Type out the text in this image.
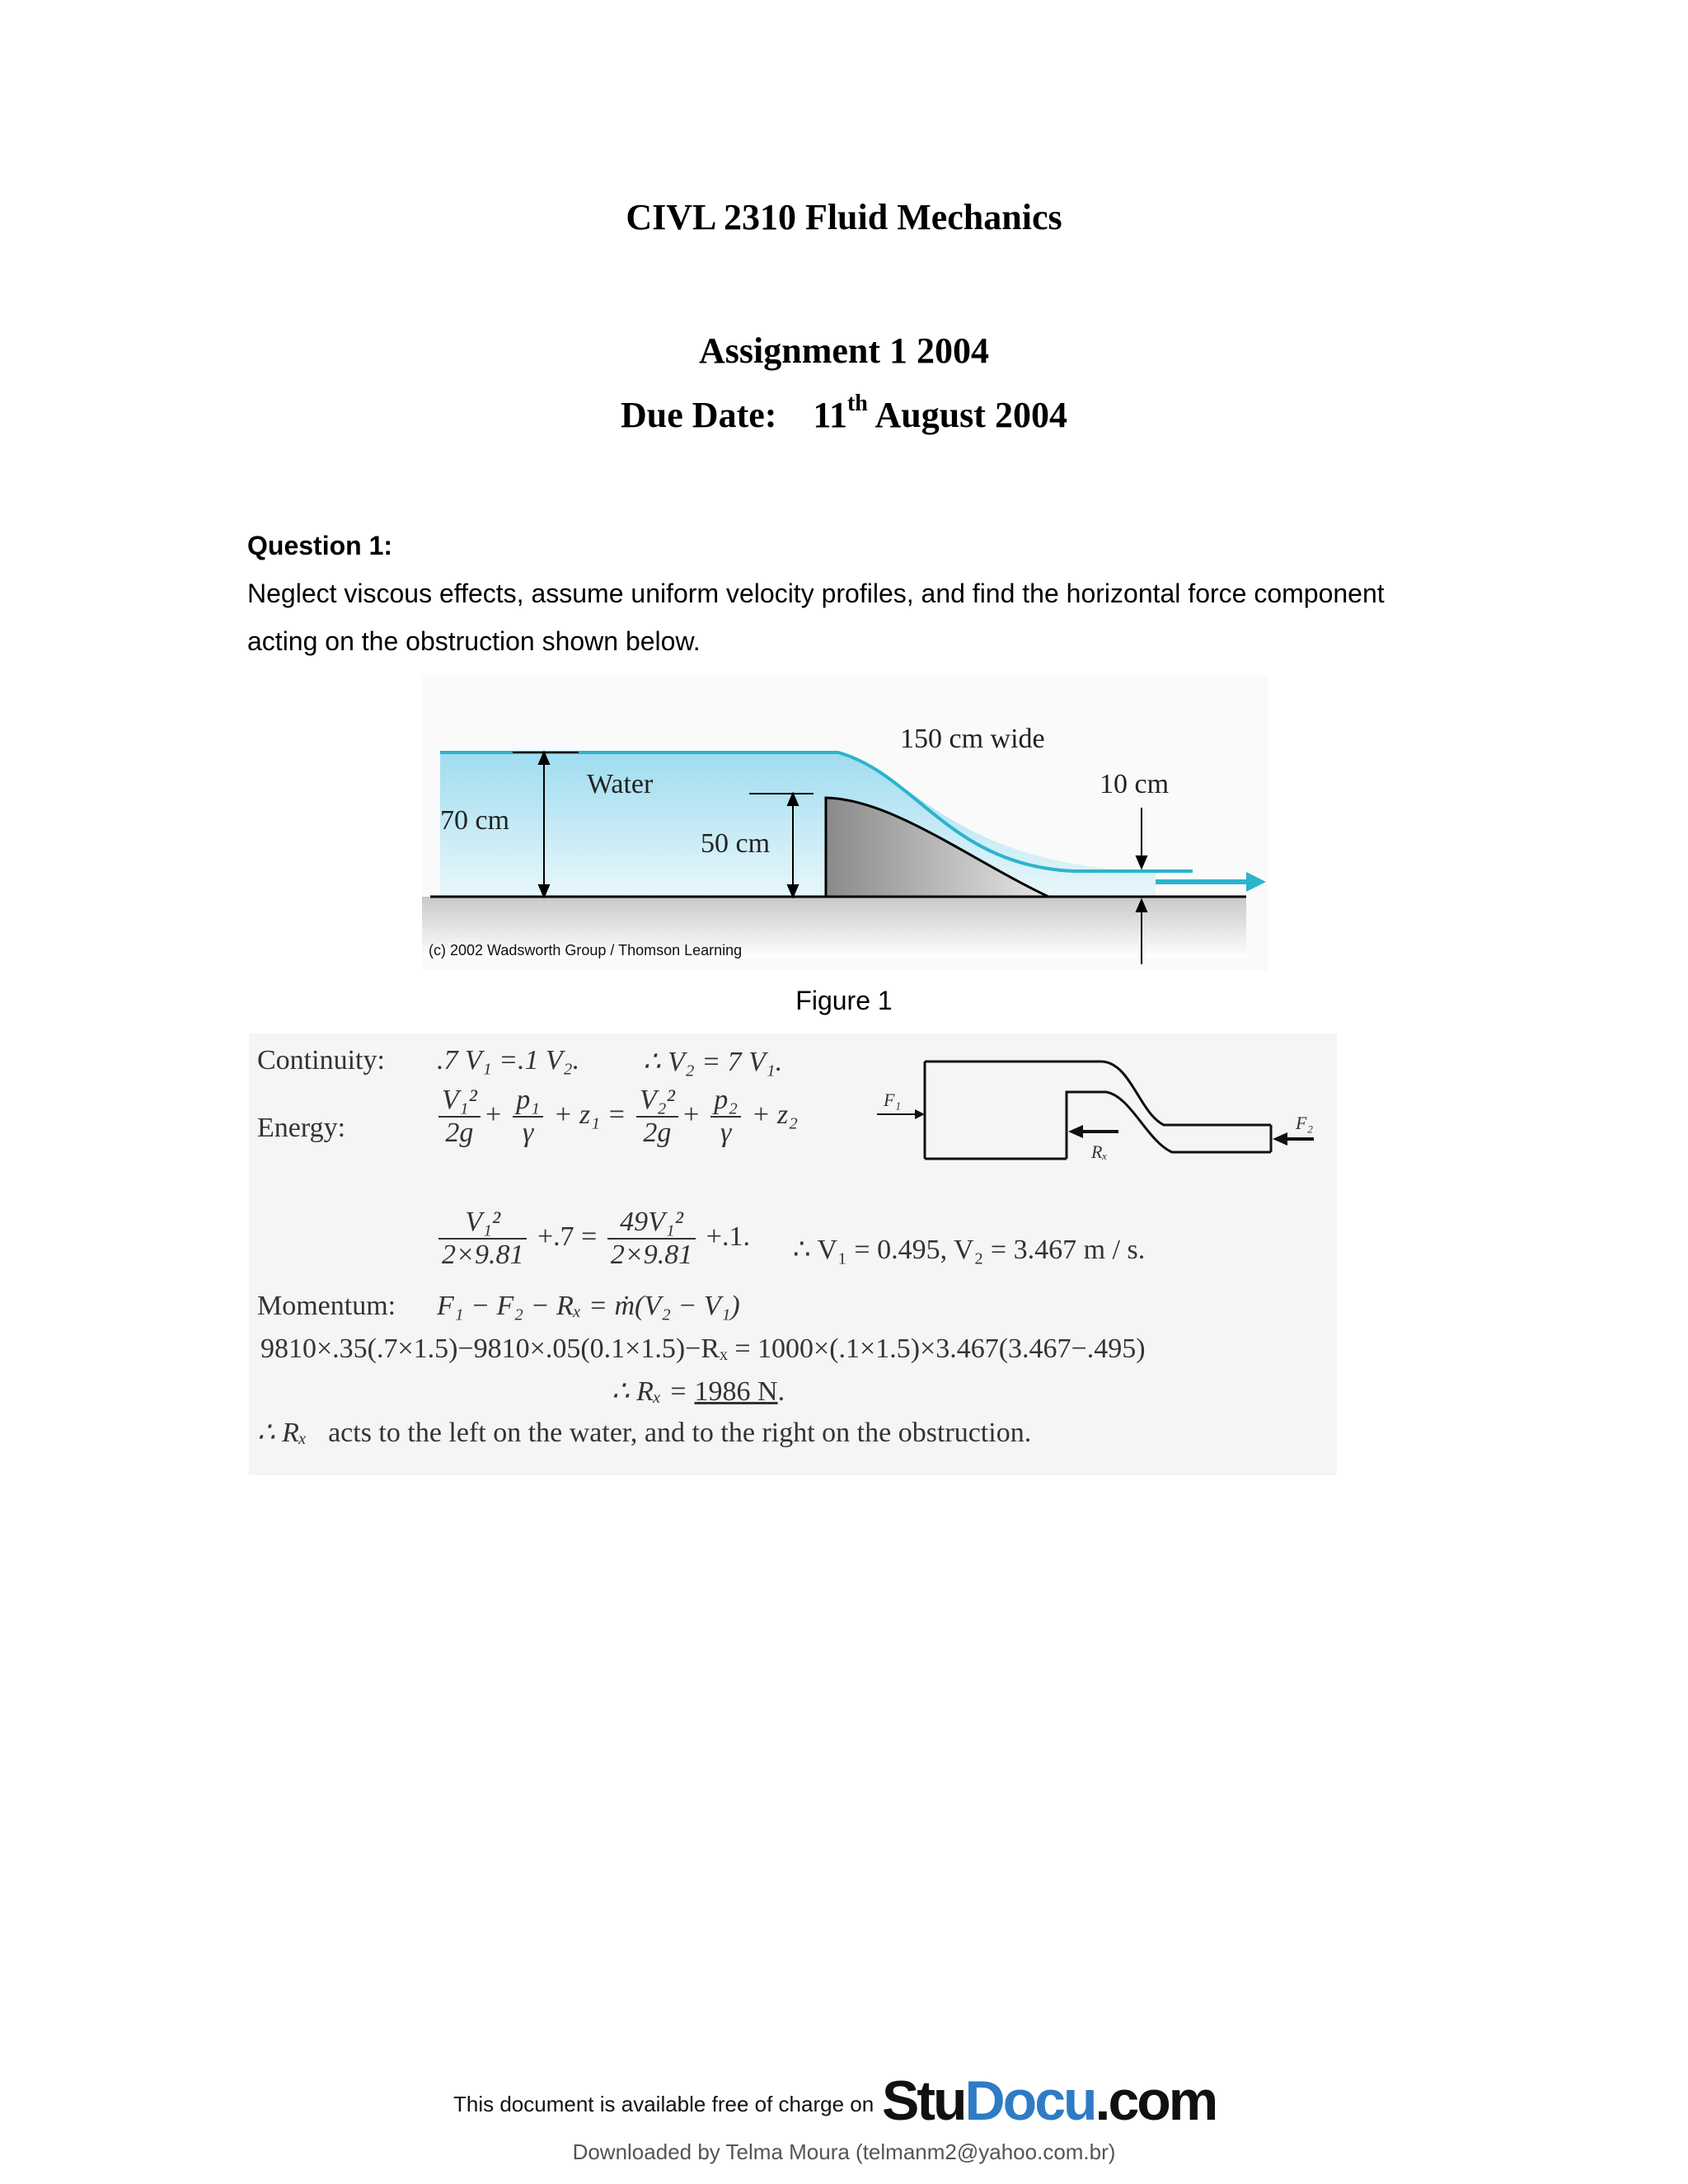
CIVL 2310 Fluid Mechanics
Assignment 1 2004
Due Date: 11th August 2004
Question 1:
Neglect viscous effects, assume uniform velocity profiles, and find the horizontal force component
acting on the obstruction shown below.
150 cm wide
Water
70 cm
50 cm
10 cm
(c) 2002 Wadsworth Group / Thomson Learning
Figure 1
Continuity: .7 V₁ =.1 V₂. ∴ V₂ = 7 V₁.
Energy:	$\frac{\text{V₁²}}{2g} + \frac{\text{p₁}}{\gamma} + z_1 = \frac{\text{V₂²}}{2g} + \frac{\text{p₂}}{\gamma} + z_2$
$\frac{\text{V₁²}}{2\times 9.81} +.7 = \frac{\text{49V₁²}}{2\times 9.81} +.1$. ∴ V₁ = 0.495, V₂ = 3.467 m / s.
Momentum: F₁ − F₂ − Rₓ = ṁ(V₂ − V₁)
9810×.35(.7×1.5)−9810×.05(0.1×1.5)−Rₓ = 1000×(.1×1.5)×3.467(3.467−.495)
∴ Rₓ = 1986 N.
∴ Rₓ acts to the left on the water, and to the right on the obstruction.
F₁
Rₓ
F₂
This document is available free of charge on StuDocu.com
Downloaded by Telma Moura (telmanm2@yahoo.com.br)
